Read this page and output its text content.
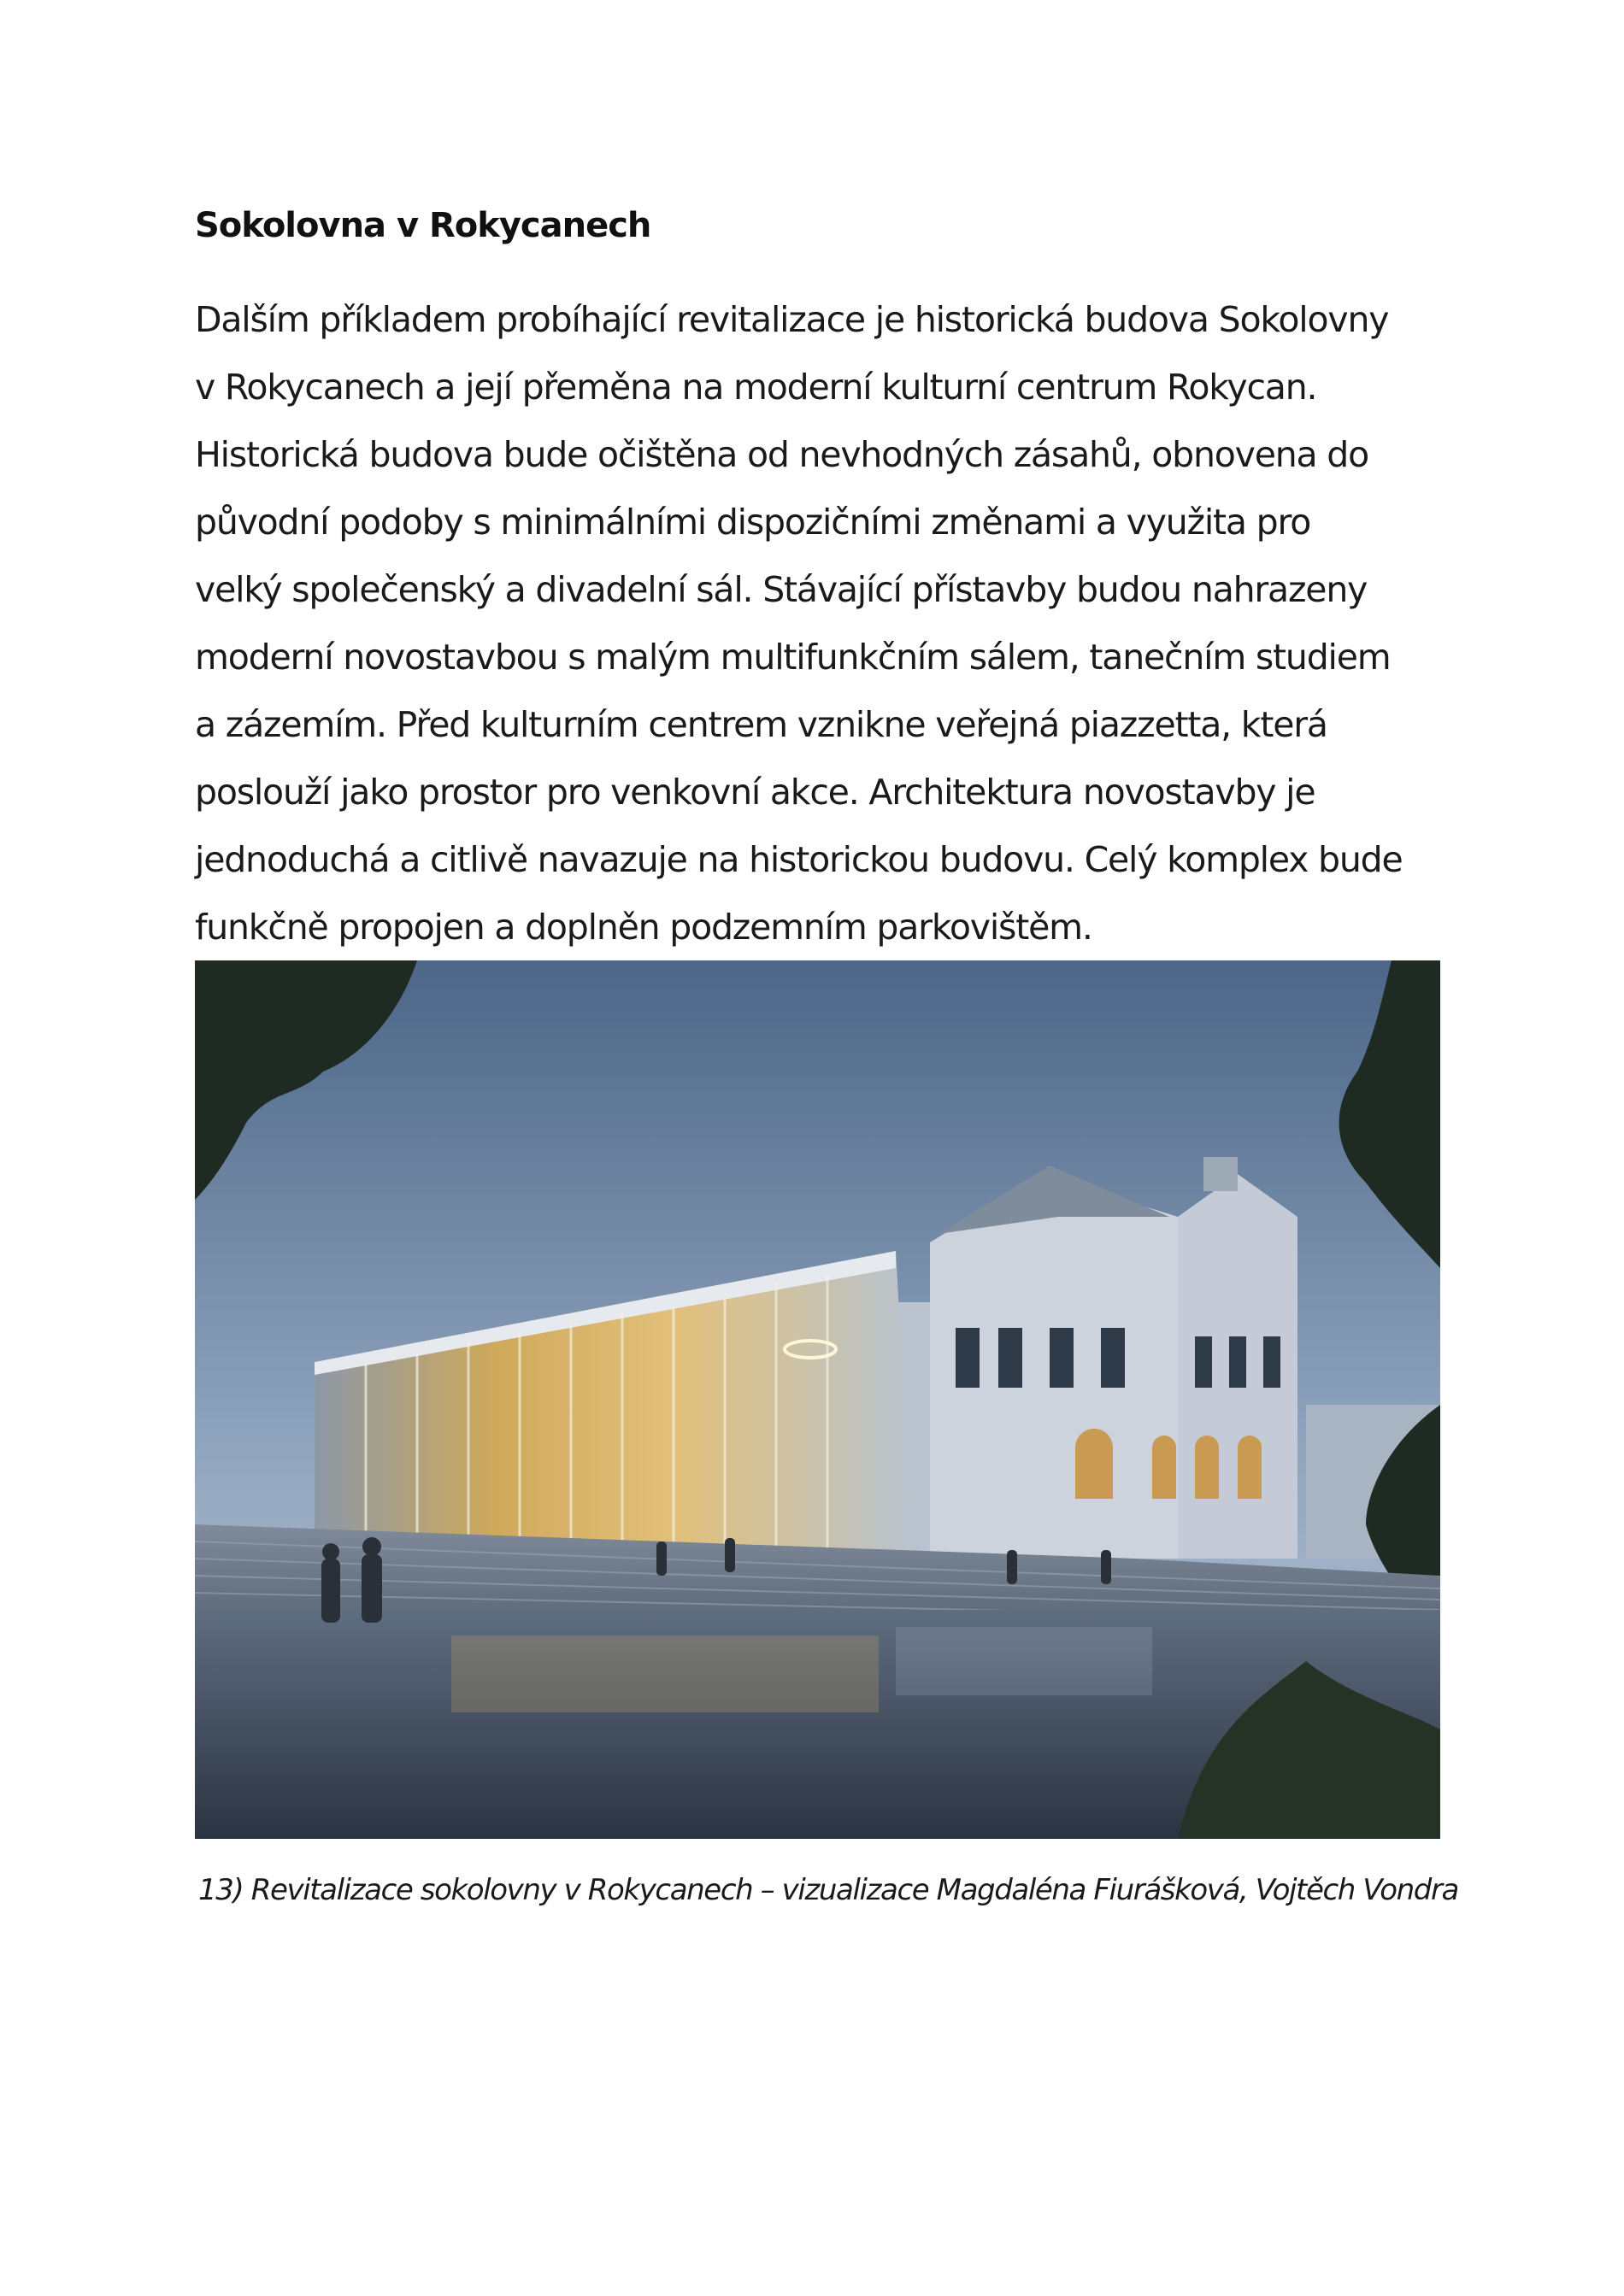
Sokolovna v Rokycanech

Dalším příkladem probíhající revitalizace je historická budova Sokolovny
v Rokycanech a její přeměna na moderní kulturní centrum Rokycan.
Historická budova bude očištěna od nevhodných zásahů, obnovena do
původní podoby s minimálními dispozičními změnami a využita pro
velký společenský a divadelní sál. Stávající přístavby budou nahrazeny
moderní novostavbou s malým multifunkčním sálem, tanečním studiem
a zázemím. Před kulturním centrem vznikne veřejná piazzetta, která
poslouží jako prostor pro venkovní akce. Architektura novostavby je
jednoduchá a citlivě navazuje na historickou budovu. Celý komplex bude
funkčně propojen a doplněn podzemním parkovištěm.

13) Revitalizace sokolovny v Rokycanech – vizualizace Magdaléna Fiurášková, Vojtěch Vondra
